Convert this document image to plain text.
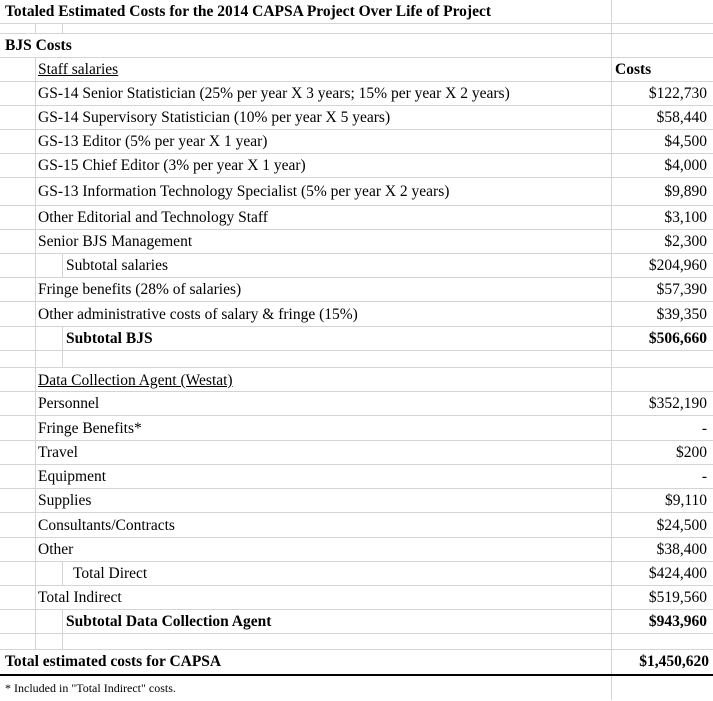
Totaled Estimated Costs for the 2014 CAPSA Project Over Life of Project
BJS Costs
Staff salaries	Costs
GS-14 Senior Statistician (25% per year X 3 years; 15% per year X 2 years)	$122,730
GS-14 Supervisory Statistician (10% per year X 5 years)	$58,440
GS-13 Editor (5% per year X 1 year)	$4,500
GS-15 Chief Editor (3% per year X 1 year)	$4,000
GS-13 Information Technology Specialist (5% per year X 2 years)	$9,890
Other Editorial and Technology Staff	$3,100
Senior BJS Management	$2,300
Subtotal salaries	$204,960
Fringe benefits (28% of salaries)	$57,390
Other administrative costs of salary & fringe (15%)	$39,350
Subtotal BJS	$506,660
Data Collection Agent (Westat)
Personnel	$352,190
Fringe Benefits*	-
Travel	$200
Equipment	-
Supplies	$9,110
Consultants/Contracts	$24,500
Other	$38,400
Total Direct	$424,400
Total Indirect	$519,560
Subtotal Data Collection Agent	$943,960
Total estimated costs for CAPSA	$1,450,620
* Included in "Total Indirect" costs.
